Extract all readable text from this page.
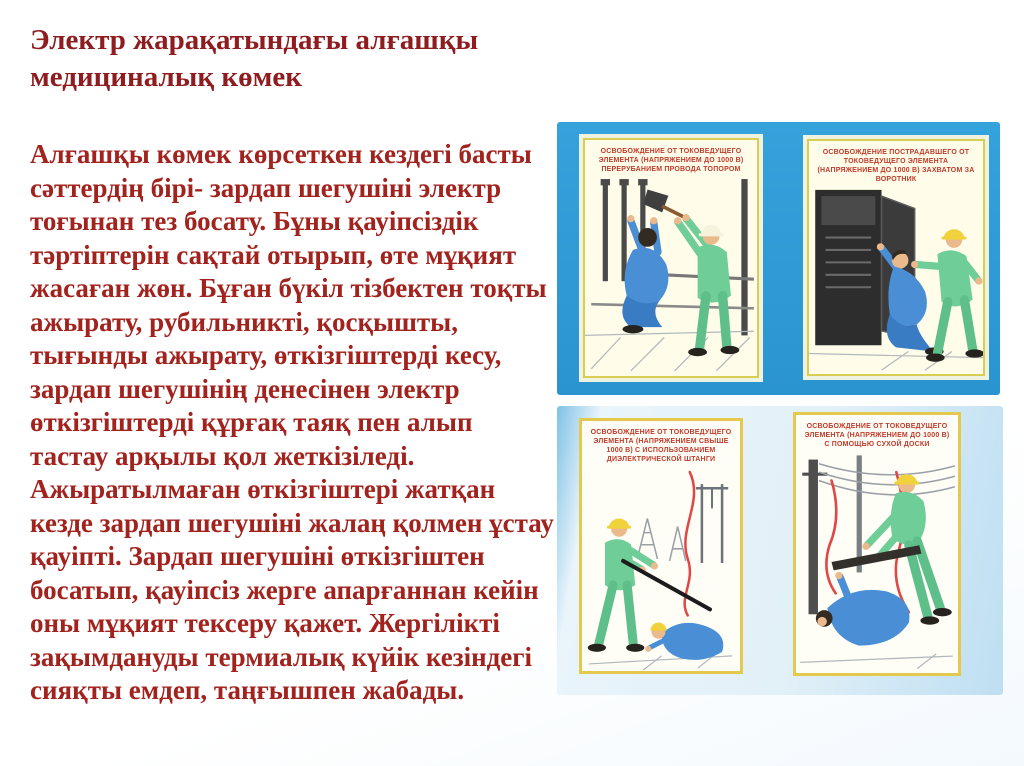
Электр жарақатындағы алғашқы медициналық көмек

Алғашқы көмек көрсеткен кездегі басты сәттердің бірі- зардап шегушіні электр тоғынан тез босату. Бұны қауіпсіздік тәртіптерін сақтай отырып, өте мұқият жасаған жөн. Бұған бүкіл тізбектен тоқты ажырату, рубильникті, қосқышты, тығынды ажырату, өткізгіштерді кесу, зардап шегушінің денесінен электр өткізгіштерді құрғақ таяқ пен алып тастау арқылы қол жеткізіледі. Ажыратылмаған өткізгіштері жатқан кезде зардап шегушіні жалаң қолмен ұстау қауіпті. Зардап шегушіні өткізгіштен босатып, қауіпсіз жерге апарғаннан кейін оны мұқият тексеру қажет. Жергілікті зақымдануды термиалық күйік кезіндегі сияқты емдеп, таңғышпен жабады.

ОСВОБОЖДЕНИЕ ОТ ТОКОВЕДУЩЕГО ЭЛЕМЕНТА (НАПРЯЖЕНИЕМ ДО 1000 В) ПЕРЕРУБАНИЕМ ПРОВОДА ТОПОРОМ
ОСВОБОЖДЕНИЕ ПОСТРАДАВШЕГО ОТ ТОКОВЕДУЩЕГО ЭЛЕМЕНТА (НАПРЯЖЕНИЕМ ДО 1000 В) ЗАХВАТОМ ЗА ВОРОТНИК
ОСВОБОЖДЕНИЕ ОТ ТОКОВЕДУЩЕГО ЭЛЕМЕНТА (НАПРЯЖЕНИЕМ СВЫШЕ 1000 В) С ИСПОЛЬЗОВАНИЕМ ДИЭЛЕКТРИЧЕСКОЙ ШТАНГИ
ОСВОБОЖДЕНИЕ ОТ ТОКОВЕДУЩЕГО ЭЛЕМЕНТА (НАПРЯЖЕНИЕМ ДО 1000 В) С ПОМОЩЬЮ СУХОЙ ДОСКИ
